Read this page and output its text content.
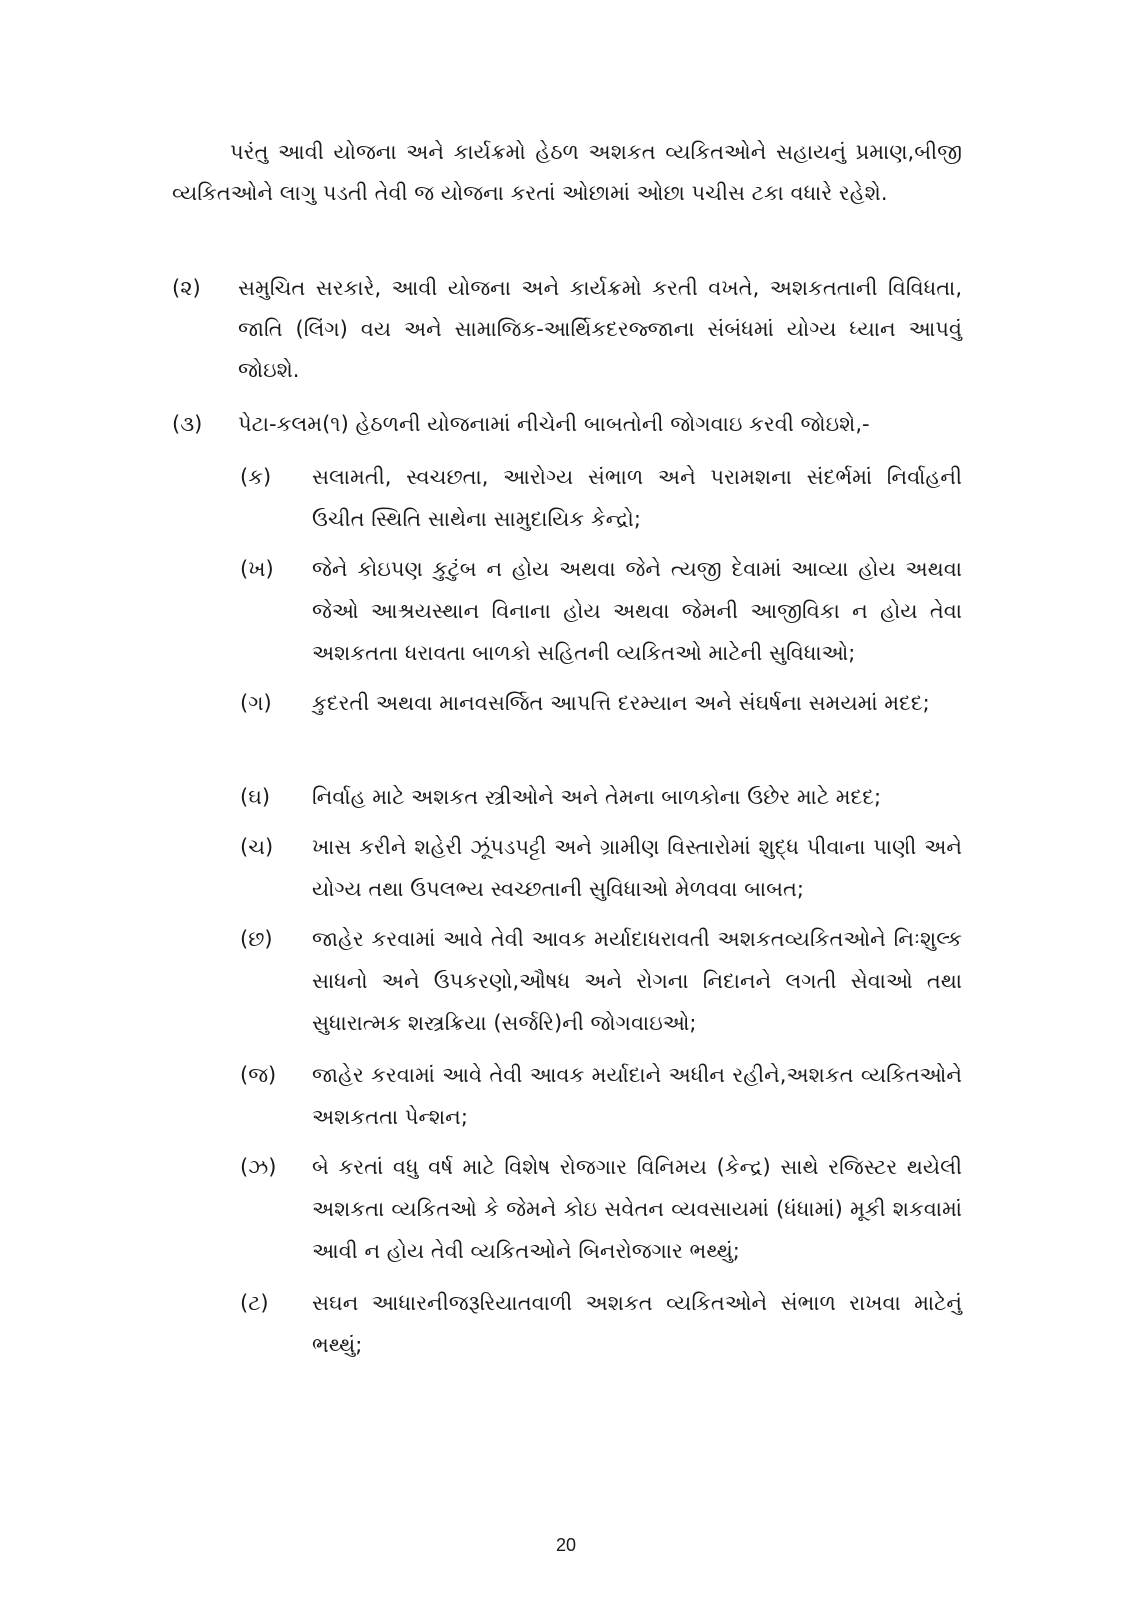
પરંતુ આવી યોજના અને કાર્યક્રમો હેઠળ અશકત વ્યકિતઓને સહાયનું પ્રમાણ,બીજી વ્યકિતઓને લાગુ પડતી તેવી જ યોજના કરતાં ઓછામાં ઓછા પચીસ ટકા વધારે રહેશે.
(૨)	સમુચિત સરકારે, આવી યોજના અને કાર્યક્રમો કરતી વખતે, અશકતતાની વિવિધતા, જાતિ (લિંગ) વય અને સામાજિક-આર્થિકદરજ્જાના સંબંધમાં યોગ્ય ધ્યાન આપવું જોઇશે.
(૩)	પેટા-કલમ(૧) હેઠળની યોજનામાં નીચેની બાબતોની જોગવાઇ કરવી જોઇશે,-
(ક)	સલામતી, સ્વચછતા, આરોગ્ય સંભાળ અને પરામશના સંદર્ભમાં નિર્વાહની ઉચીત સ્થિતિ સાથેના સામુદાયિક કેન્દ્રો;
(ખ)	જેને કોઇપણ કુટુંબ ન હોય અથવા જેને ત્યજી દેવામાં આવ્યા હોય અથવા જેઓ આશ્રયસ્થાન વિનાના હોય અથવા જેમની આજીવિકા ન હોય તેવા અશકતતા ધરાવતા બાળકો સહિતની વ્યકિતઓ માટેની સુવિધાઓ;
(ગ)	કુદરતી અથવા માનવસર્જિત આપત્તિ દરમ્યાન અને સંઘર્ષના સમયમાં મદદ;
(ઘ)	નિર્વાહ માટે અશકત સ્ત્રીઓને અને તેમના બાળકોના ઉછેર માટે મદદ;
(ચ)	ખાસ કરીને શહેરી ઝૂંપડપટ્ટી અને ગ્રામીણ વિસ્તારોમાં શુદ્ધ પીવાના પાણી અને યોગ્ય તથા ઉપલભ્ય સ્વચ્છતાની સુવિધાઓ મેળવવા બાબત;
(છ)	જાહેર કરવામાં આવે તેવી આવક મર્યાદાધરાવતી અશકતવ્યકિતઓને નિઃશુલ્ક સાધનો અને ઉપકરણો,ઔષધ અને રોગના નિદાનને લગતી સેવાઓ તથા સુધારાત્મક શસ્ત્રક્રિયા (સર્જરિ)ની જોગવાઇઓ;
(જ)	જાહેર કરવામાં આવે તેવી આવક મર્યાદાને અધીન રહીને,અશકત વ્યકિતઓને અશકતતા પેન્શન;
(ઝ)	બે કરતાં વધુ વર્ષ માટે વિશેષ રોજગાર વિનિમય (કેન્દ્ર) સાથે રજિસ્ટર થયેલી અશકતા વ્યકિતઓ કે જેમને કોઇ સવેતન વ્યવસાયમાં (ધંધામાં) મૂકી શકવામાં આવી ન હોય તેવી વ્યકિતઓને બિનરોજગાર ભથ્થું;
(ટ)	સઘન આધારનીજરૂરિયાતવાળી અશકત વ્યકિતઓને સંભાળ રાખવા માટેનું ભથ્થું;
20
